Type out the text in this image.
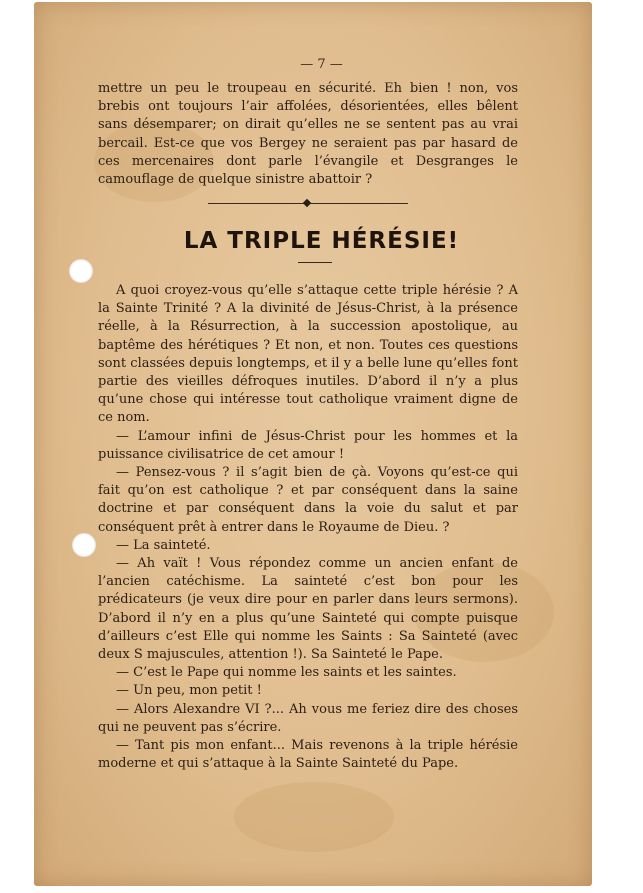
— 7 —

mettre un peu le troupeau en sécurité. Eh bien ! non, vos brebis ont toujours l’air affolées, désorientées, elles bêlent sans désemparer; on dirait qu’elles ne se sentent pas au vrai bercail. Est-ce que vos Bergey ne seraient pas par hasard de ces mercenaires dont parle l’évangile et Desgranges le camouflage de quelque sinistre abattoir ?

LA TRIPLE HÉRÉSIE!

A quoi croyez-vous qu’elle s’attaque cette triple hérésie ? A la Sainte Trinité ? A la divinité de Jésus-Christ, à la présence réelle, à la Résurrection, à la succession apostolique, au baptême des hérétiques ? Et non, et non. Toutes ces questions sont classées depuis longtemps, et il y a belle lune qu’elles font partie des vieilles défroques inutiles. D’abord il n’y a plus qu’une chose qui intéresse tout catholique vraiment digne de ce nom.

— L’amour infini de Jésus-Christ pour les hommes et la puissance civilisatrice de cet amour !

— Pensez-vous ? il s’agit bien de çà. Voyons qu’est-ce qui fait qu’on est catholique ? et par conséquent dans la saine doctrine et par conséquent dans la voie du salut et par conséquent prêt à entrer dans le Royaume de Dieu. ?

— La sainteté.

— Ah vaït ! Vous répondez comme un ancien enfant de l’ancien catéchisme. La sainteté c’est bon pour les prédicateurs (je veux dire pour en parler dans leurs sermons). D’abord il n’y en a plus qu’une Sainteté qui compte puisque d’ailleurs c’est Elle qui nomme les Saints : Sa Sainteté (avec deux S majuscules, attention !). Sa Sainteté le Pape.

— C’est le Pape qui nomme les saints et les saintes.

— Un peu, mon petit !

— Alors Alexandre VI ?... Ah vous me feriez dire des choses qui ne peuvent pas s’écrire.

— Tant pis mon enfant... Mais revenons à la triple hérésie moderne et qui s’attaque à la Sainte Sainteté du Pape.
